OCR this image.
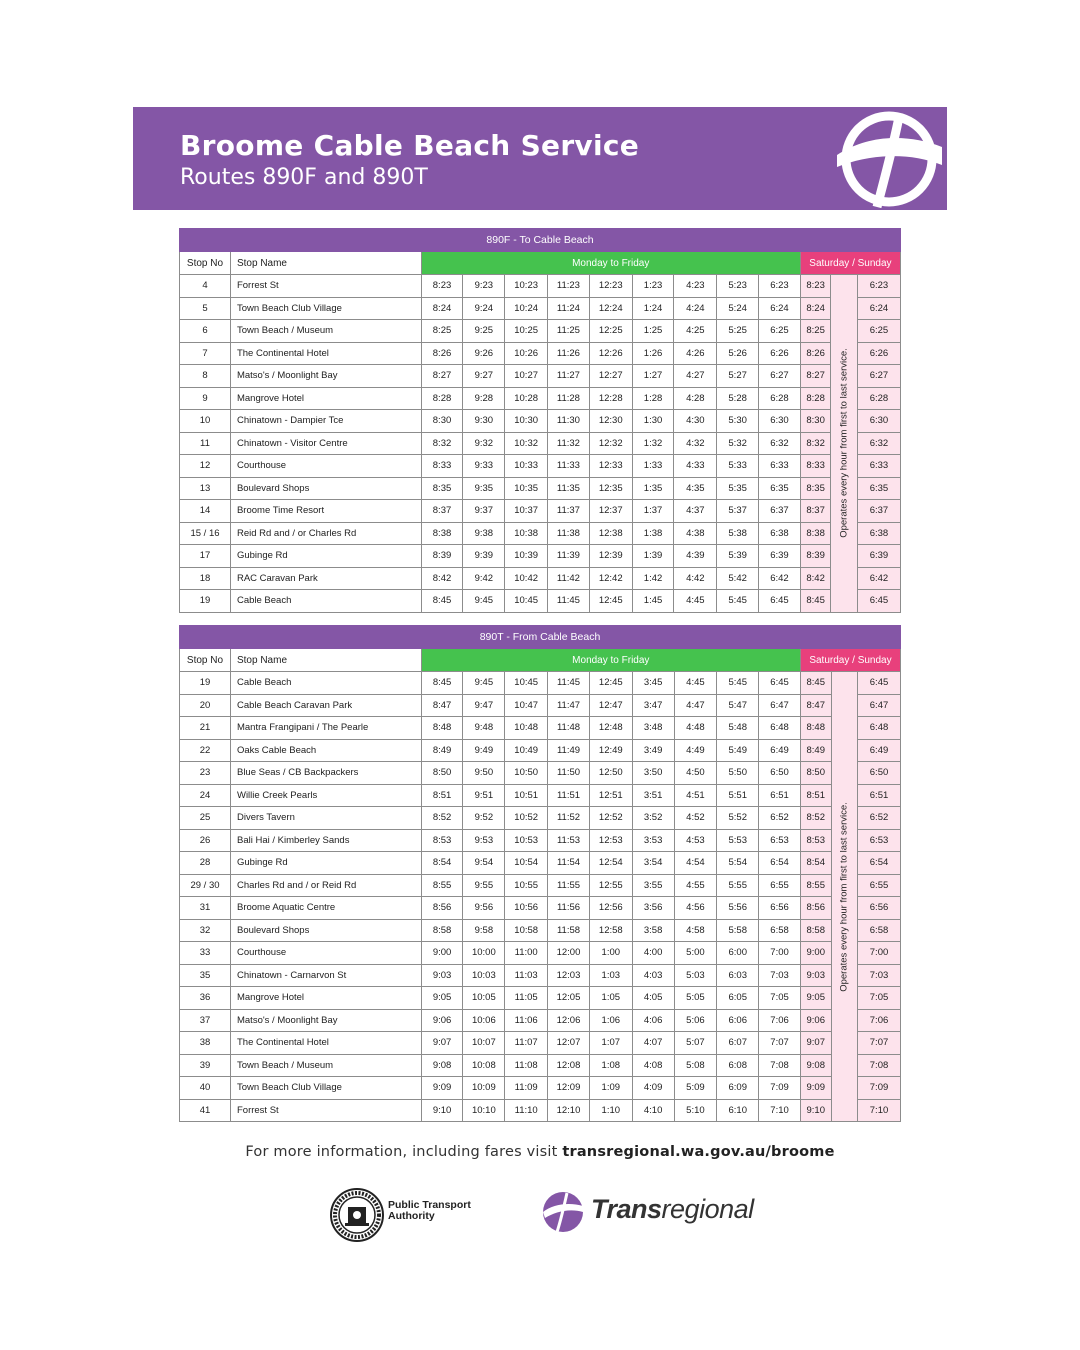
Broome Cable Beach Service
Routes 890F and 890T
890F - To Cable Beach													
Stop No	Stop Name	Monday to Friday									Saturday / Sunday		
4	Forrest St	8:23	9:23	10:23	11:23	12:23	1:23	4:23	5:23	6:23	8:23	Operates every hour from first to last service.	6:23
5	Town Beach Club Village	8:24	9:24	10:24	11:24	12:24	1:24	4:24	5:24	6:24	8:24		6:24
6	Town Beach / Museum	8:25	9:25	10:25	11:25	12:25	1:25	4:25	5:25	6:25	8:25		6:25
7	The Continental Hotel	8:26	9:26	10:26	11:26	12:26	1:26	4:26	5:26	6:26	8:26		6:26
8	Matso's / Moonlight Bay	8:27	9:27	10:27	11:27	12:27	1:27	4:27	5:27	6:27	8:27		6:27
9	Mangrove Hotel	8:28	9:28	10:28	11:28	12:28	1:28	4:28	5:28	6:28	8:28		6:28
10	Chinatown - Dampier Tce	8:30	9:30	10:30	11:30	12:30	1:30	4:30	5:30	6:30	8:30		6:30
11	Chinatown - Visitor Centre	8:32	9:32	10:32	11:32	12:32	1:32	4:32	5:32	6:32	8:32		6:32
12	Courthouse	8:33	9:33	10:33	11:33	12:33	1:33	4:33	5:33	6:33	8:33		6:33
13	Boulevard Shops	8:35	9:35	10:35	11:35	12:35	1:35	4:35	5:35	6:35	8:35		6:35
14	Broome Time Resort	8:37	9:37	10:37	11:37	12:37	1:37	4:37	5:37	6:37	8:37		6:37
15 / 16	Reid Rd and / or Charles Rd	8:38	9:38	10:38	11:38	12:38	1:38	4:38	5:38	6:38	8:38		6:38
17	Gubinge Rd	8:39	9:39	10:39	11:39	12:39	1:39	4:39	5:39	6:39	8:39		6:39
18	RAC Caravan Park	8:42	9:42	10:42	11:42	12:42	1:42	4:42	5:42	6:42	8:42		6:42
19	Cable Beach	8:45	9:45	10:45	11:45	12:45	1:45	4:45	5:45	6:45	8:45		6:45
890T - From Cable Beach													
Stop No	Stop Name	Monday to Friday									Saturday / Sunday		
19	Cable Beach	8:45	9:45	10:45	11:45	12:45	3:45	4:45	5:45	6:45	8:45	Operates every hour from first to last service.	6:45
20	Cable Beach Caravan Park	8:47	9:47	10:47	11:47	12:47	3:47	4:47	5:47	6:47	8:47		6:47
21	Mantra Frangipani / The Pearle	8:48	9:48	10:48	11:48	12:48	3:48	4:48	5:48	6:48	8:48		6:48
22	Oaks Cable Beach	8:49	9:49	10:49	11:49	12:49	3:49	4:49	5:49	6:49	8:49		6:49
23	Blue Seas / CB Backpackers	8:50	9:50	10:50	11:50	12:50	3:50	4:50	5:50	6:50	8:50		6:50
24	Willie Creek Pearls	8:51	9:51	10:51	11:51	12:51	3:51	4:51	5:51	6:51	8:51		6:51
25	Divers Tavern	8:52	9:52	10:52	11:52	12:52	3:52	4:52	5:52	6:52	8:52		6:52
26	Bali Hai / Kimberley Sands	8:53	9:53	10:53	11:53	12:53	3:53	4:53	5:53	6:53	8:53		6:53
28	Gubinge Rd	8:54	9:54	10:54	11:54	12:54	3:54	4:54	5:54	6:54	8:54		6:54
29 / 30	Charles Rd and / or Reid Rd	8:55	9:55	10:55	11:55	12:55	3:55	4:55	5:55	6:55	8:55		6:55
31	Broome Aquatic Centre	8:56	9:56	10:56	11:56	12:56	3:56	4:56	5:56	6:56	8:56		6:56
32	Boulevard Shops	8:58	9:58	10:58	11:58	12:58	3:58	4:58	5:58	6:58	8:58		6:58
33	Courthouse	9:00	10:00	11:00	12:00	1:00	4:00	5:00	6:00	7:00	9:00		7:00
35	Chinatown - Carnarvon St	9:03	10:03	11:03	12:03	1:03	4:03	5:03	6:03	7:03	9:03		7:03
36	Mangrove Hotel	9:05	10:05	11:05	12:05	1:05	4:05	5:05	6:05	7:05	9:05		7:05
37	Matso's / Moonlight Bay	9:06	10:06	11:06	12:06	1:06	4:06	5:06	6:06	7:06	9:06		7:06
38	The Continental Hotel	9:07	10:07	11:07	12:07	1:07	4:07	5:07	6:07	7:07	9:07		7:07
39	Town Beach / Museum	9:08	10:08	11:08	12:08	1:08	4:08	5:08	6:08	7:08	9:08		7:08
40	Town Beach Club Village	9:09	10:09	11:09	12:09	1:09	4:09	5:09	6:09	7:09	9:09		7:09
41	Forrest St	9:10	10:10	11:10	12:10	1:10	4:10	5:10	6:10	7:10	9:10		7:10
For more information, including fares visit transregional.wa.gov.au/broome
Public Transport
Authority	Transregional
